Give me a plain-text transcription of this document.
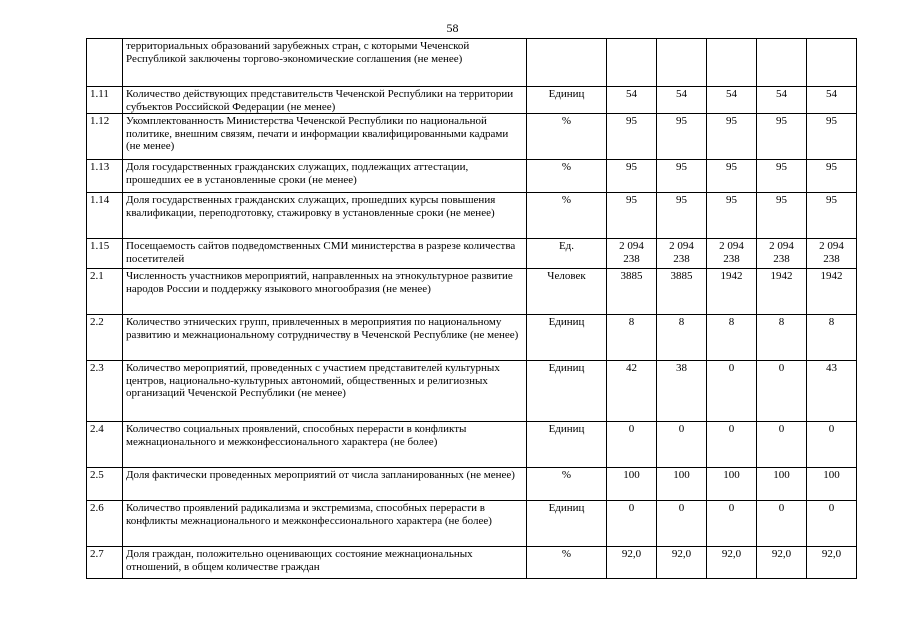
58
	территориальных образований зарубежных стран, с которыми Чеченской Республикой заключены торгово-экономические соглашения (не менее)						
1.11	Количество действующих представительств Чеченской Республики на территории субъектов Российской Федерации (не менее)	Единиц	54	54	54	54	54
1.12	Укомплектованность Министерства Чеченской Республики по национальной политике, внешним связям, печати и информации квалифицированными кадрами (не менее)	%	95	95	95	95	95
1.13	Доля государственных гражданских служащих, подлежащих аттестации, прошедших ее в установленные сроки (не менее)	%	95	95	95	95	95
1.14	Доля государственных гражданских служащих, прошедших курсы повышения квалификации, переподготовку, стажировку в установленные сроки (не менее)	%	95	95	95	95	95
1.15	Посещаемость сайтов подведомственных СМИ министерства в разрезе количества посетителей	Ед.	2 094 238	2 094 238	2 094 238	2 094 238	2 094 238
2.1	Численность участников мероприятий, направленных на этнокультурное развитие народов России и поддержку языкового многообразия (не менее)	Человек	3885	3885	1942	1942	1942
2.2	Количество этнических групп, привлеченных в мероприятия по национальному развитию и межнациональному сотрудничеству в Чеченской Республике (не менее)	Единиц	8	8	8	8	8
2.3	Количество мероприятий, проведенных с участием представителей культурных центров, национально-культурных автономий, общественных и религиозных организаций Чеченской Республики (не менее)	Единиц	42	38	0	0	43
2.4	Количество социальных проявлений, способных перерасти в конфликты межнационального и межконфессионального характера (не более)	Единиц	0	0	0	0	0
2.5	Доля фактически проведенных мероприятий от числа запланированных (не менее)	%	100	100	100	100	100
2.6	Количество проявлений радикализма и экстремизма, способных перерасти в конфликты межнационального и межконфессионального характера (не более)	Единиц	0	0	0	0	0
2.7	Доля граждан, положительно оценивающих состояние межнациональных отношений, в общем количестве граждан	%	92,0	92,0	92,0	92,0	92,0
